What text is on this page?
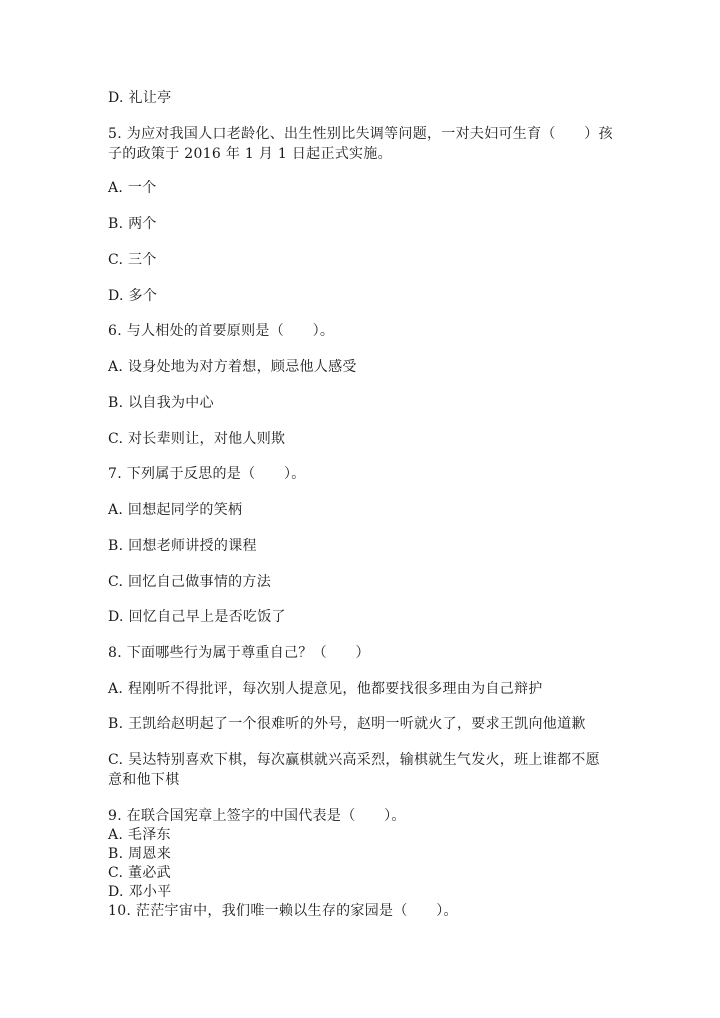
D. 礼让亭
5. 为应对我国人口老龄化、出生性别比失调等问题，一对夫妇可生育（　　）孩
子的政策于 2016 年 1 月 1 日起正式实施。
A. 一个
B. 两个
C. 三个
D. 多个
6. 与人相处的首要原则是（　　）。
A. 设身处地为对方着想，顾忌他人感受
B. 以自我为中心
C. 对长辈则让，对他人则欺
7. 下列属于反思的是（　　）。
A. 回想起同学的笑柄
B. 回想老师讲授的课程
C. 回忆自己做事情的方法
D. 回忆自己早上是否吃饭了
8. 下面哪些行为属于尊重自己？（　　）
A. 程刚听不得批评，每次别人提意见，他都要找很多理由为自己辩护
B. 王凯给赵明起了一个很难听的外号，赵明一听就火了，要求王凯向他道歉
C. 吴达特别喜欢下棋，每次赢棋就兴高采烈，输棋就生气发火，班上谁都不愿
意和他下棋
9. 在联合国宪章上签字的中国代表是（　　）。
A. 毛泽东
B. 周恩来
C. 董必武
D. 邓小平
10. 茫茫宇宙中，我们唯一赖以生存的家园是（　　）。
